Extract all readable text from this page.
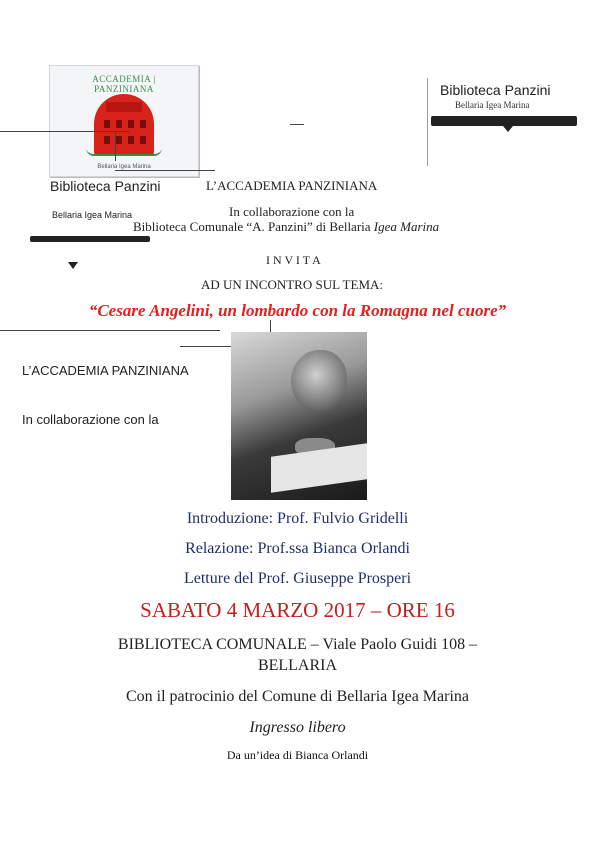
ACCADEMIA | PANZINIANA
Bellaria Igea Marina
Biblioteca Panzini
Bellaria Igea Marina
Biblioteca Panzini
Bellaria Igea Marina
L’ACCADEMIA PANZINIANA
In collaborazione con la
L’ACCADEMIA PANZINIANA
In collaborazione con la
Biblioteca Comunale “A. Panzini” di Bellaria Igea Marina
I N V I T A
AD UN INCONTRO SUL TEMA:
“Cesare Angelini, un lombardo con la Romagna nel cuore”
Introduzione: Prof. Fulvio Gridelli
Relazione: Prof.ssa Bianca Orlandi
Letture del Prof. Giuseppe Prosperi
SABATO 4 MARZO 2017 – ORE 16
BIBLIOTECA COMUNALE – Viale Paolo Guidi 108 –
BELLARIA
Con il patrocinio del Comune di Bellaria Igea Marina
Ingresso libero
Da un’idea di Bianca Orlandi
